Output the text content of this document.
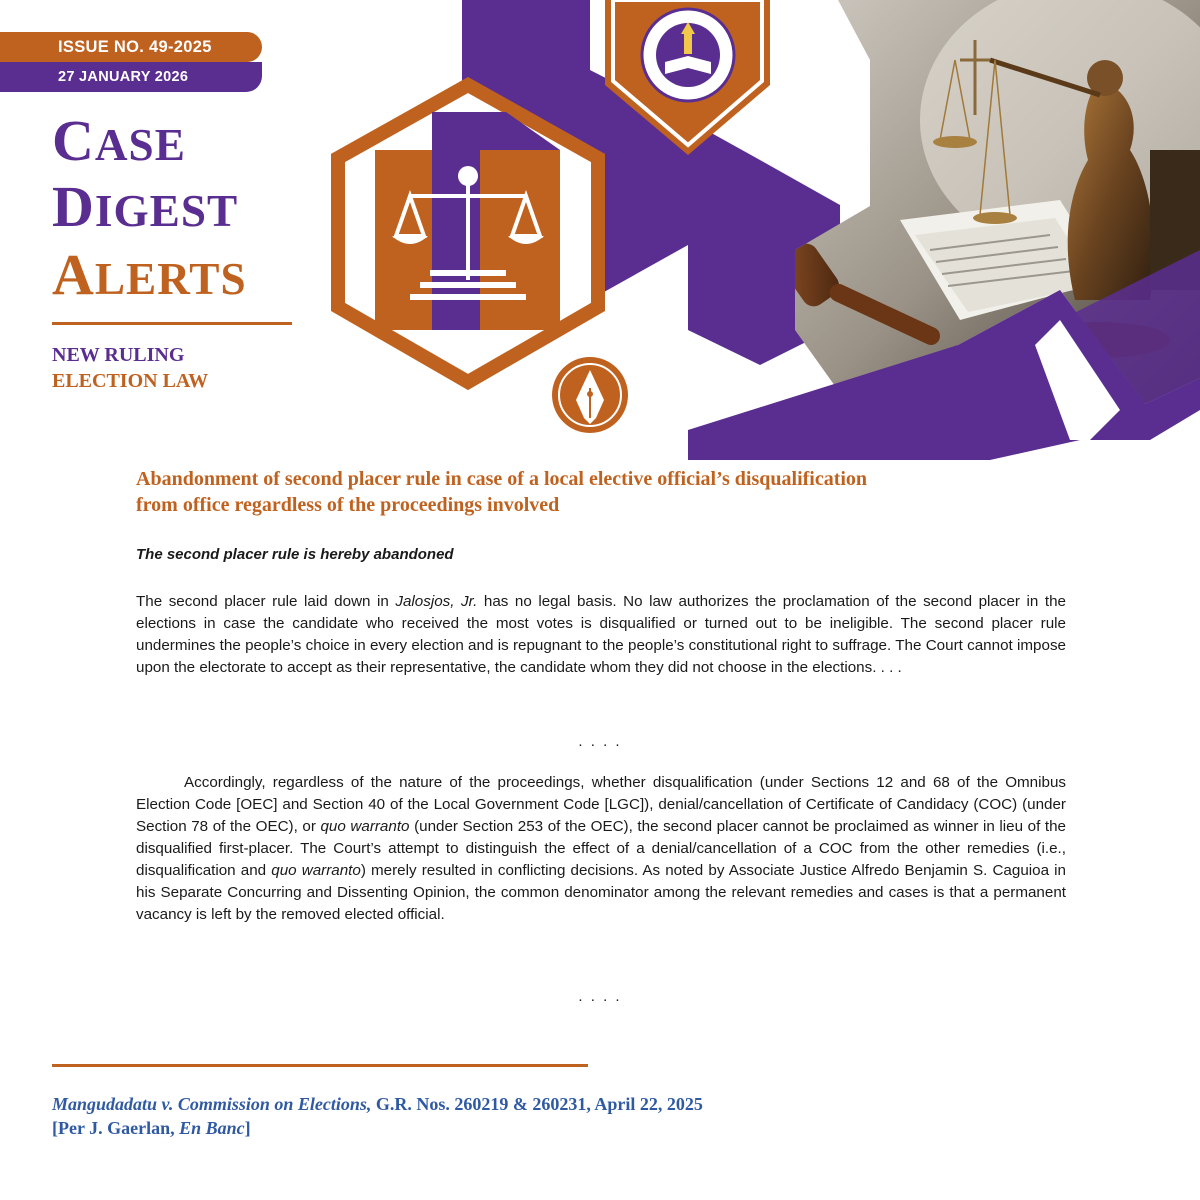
ISSUE NO. 49-2025
27 JANUARY 2026
CASE
DIGEST
ALERTS
NEW RULING
ELECTION LAW
Abandonment of second placer rule in case of a local elective official’s disqualification
from office regardless of the proceedings involved
The second placer rule is hereby abandoned

The second placer rule laid down in Jalosjos, Jr. has no legal basis. No law authorizes the proclamation of the second placer in the elections in case the candidate who received the most votes is disqualified or turned out to be ineligible. The second placer rule undermines the people’s choice in every election and is repugnant to the people’s constitutional right to suffrage. The Court cannot impose upon the electorate to accept as their representative, the candidate whom they did not choose in the elections. . . .

. . . .

Accordingly, regardless of the nature of the proceedings, whether disqualification (under Sections 12 and 68 of the Omnibus Election Code [OEC] and Section 40 of the Local Government Code [LGC]), denial/cancellation of Certificate of Candidacy (COC) (under Section 78 of the OEC), or quo warranto (under Section 253 of the OEC), the second placer cannot be proclaimed as winner in lieu of the disqualified first-placer. The Court’s attempt to distinguish the effect of a denial/cancellation of a COC from the other remedies (i.e., disqualification and quo warranto) merely resulted in conflicting decisions. As noted by Associate Justice Alfredo Benjamin S. Caguioa in his Separate Concurring and Dissenting Opinion, the common denominator among the relevant remedies and cases is that a permanent vacancy is left by the removed elected official.

. . . .
Mangudadatu v. Commission on Elections, G.R. Nos. 260219 & 260231, April 22, 2025
[Per J. Gaerlan, En Banc]
